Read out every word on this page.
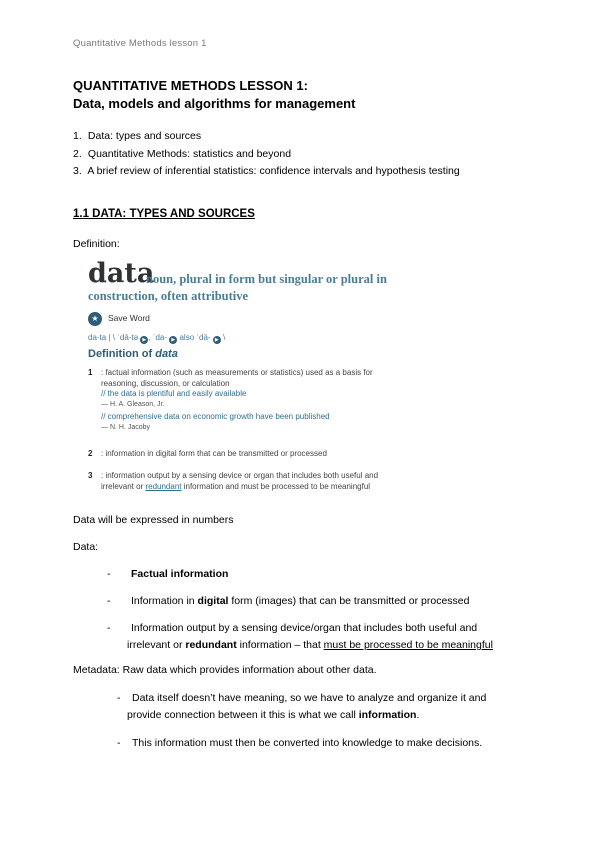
Quantitative Methods lesson 1
QUANTITATIVE METHODS LESSON 1:
Data, models and algorithms for management
1. Data: types and sources
2. Quantitative Methods: statistics and beyond
3. A brief review of inferential statistics: confidence intervals and hypothesis testing
1.1 DATA: TYPES AND SOURCES
Definition:
data
noun, plural in form but singular or plural in
construction, often attributive
★	Save Word
da·ta | \ ˈdā-tə ▶ , ˈda- ▶ also ˈdä- ▶ \
Definition of data
1 : factual information (such as measurements or statistics) used as a basis for
reasoning, discussion, or calculation
// the data is plentiful and easily available
— H. A. Gleason, Jr.
// comprehensive data on economic growth have been published
— N. H. Jacoby
2 : information in digital form that can be transmitted or processed
3 : information output by a sensing device or organ that includes both useful and
irrelevant or redundant information and must be processed to be meaningful
Data will be expressed in numbers
Data:
- Factual information
- Information in digital form (images) that can be transmitted or processed
- Information output by a sensing device/organ that includes both useful and
irrelevant or redundant information – that must be processed to be meaningful
Metadata: Raw data which provides information about other data.
- Data itself doesn’t have meaning, so we have to analyze and organize it and
provide connection between it this is what we call information.
- This information must then be converted into knowledge to make decisions.
